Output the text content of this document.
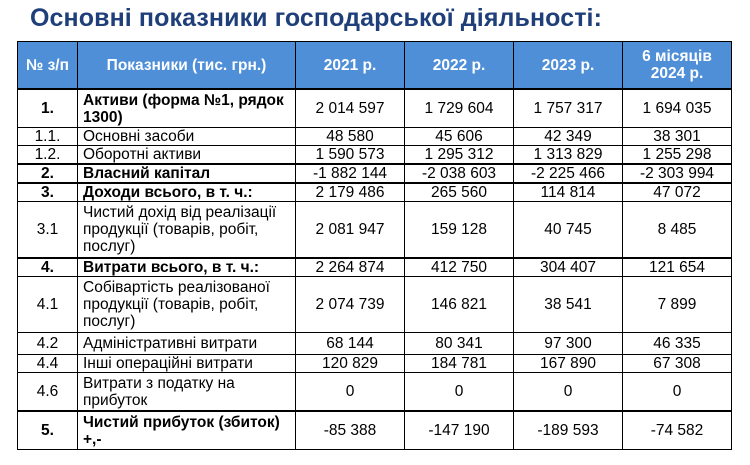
Основні показники господарської діяльності:
№ з/п	Показники (тис. грн.)	2021 р.	2022 р.	2023 р.	6 місяців 2024 р.
1.	Активи (форма №1, рядок 1300)	2 014 597	1 729 604	1 757 317	1 694 035
1.1.	Основні засоби	48 580	45 606	42 349	38 301
1.2.	Оборотні активи	1 590 573	1 295 312	1 313 829	1 255 298
2.	Власний капітал	-1 882 144	-2 038 603	-2 225 466	-2 303 994
3.	Доходи всього, в т. ч.:	2 179 486	265 560	114 814	47 072
3.1	Чистий дохід від реалізації продукції (товарів, робіт, послуг)	2 081 947	159 128	40 745	8 485
4.	Витрати всього, в т. ч.:	2 264 874	412 750	304 407	121 654
4.1	Собівартість реалізованої продукції (товарів, робіт, послуг)	2 074 739	146 821	38 541	7 899
4.2	Адміністративні витрати	68 144	80 341	97 300	46 335
4.4	Інші операційні витрати	120 829	184 781	167 890	67 308
4.6	Витрати з податку на прибуток	0	0	0	0
5.	Чистий прибуток (збиток) +,-	-85 388	-147 190	-189 593	-74 582
